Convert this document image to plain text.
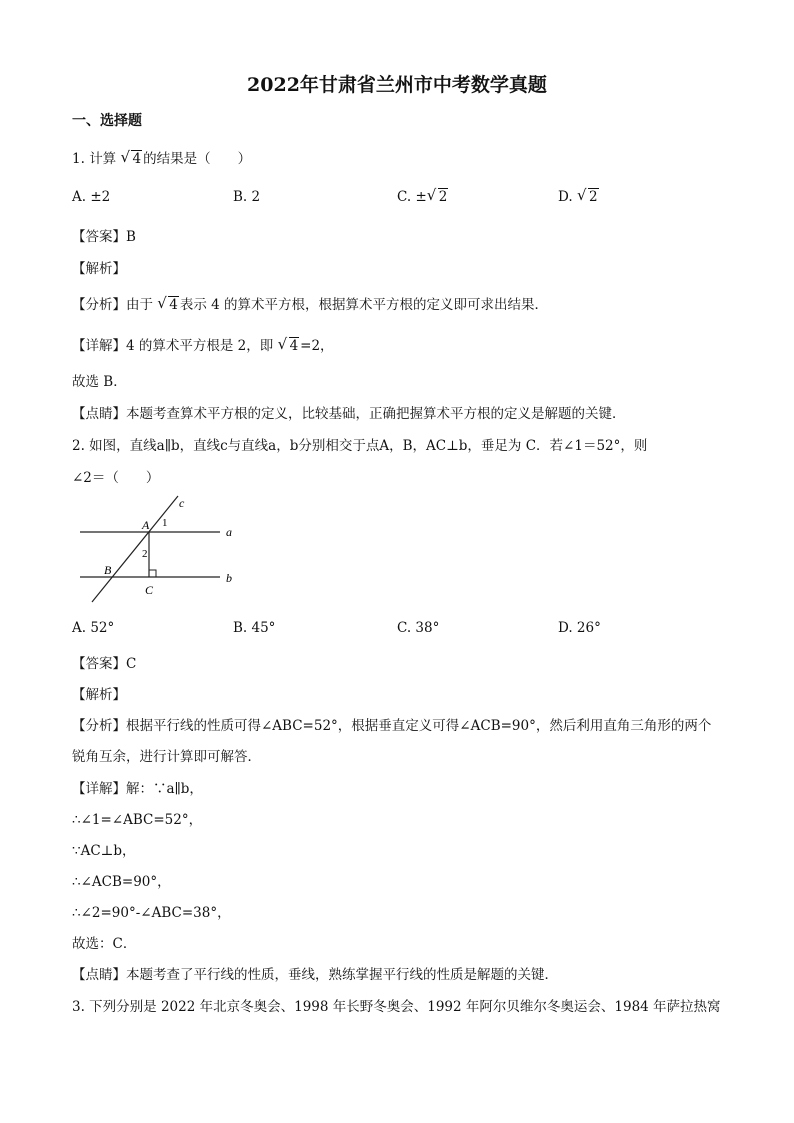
2022年甘肃省兰州市中考数学真题
一、选择题
1. 计算 √ 4 的结果是（　　）
A. ±2	B. 2	C. ± √ 2	D. √ 2
【答案】B
【解析】
【分析】由于 √ 4 表示 4 的算术平方根，根据算术平方根的定义即可求出结果．
【详解】4 的算术平方根是 2，即 √ 4 =2，
故选 B．
【点睛】本题考查算术平方根的定义，比较基础，正确把握算术平方根的定义是解题的关键．
2. 如图，直线a∥b，直线c与直线a，b分别相交于点A，B，AC⊥b，垂足为 C．若∠1＝52°，则
∠2＝（　　）
c
a
b
A 1
2
B
C
A. 52°	B. 45°	C. 38°	D. 26°
【答案】C
【解析】
【分析】根据平行线的性质可得∠ABC=52°，根据垂直定义可得∠ACB=90°，然后利用直角三角形的两个
锐角互余，进行计算即可解答．
【详解】解：∵a∥b，
∴∠1=∠ABC=52°，
∵AC⊥b，
∴∠ACB=90°，
∴∠2=90°-∠ABC=38°，
故选：C．
【点睛】本题考查了平行线的性质，垂线，熟练掌握平行线的性质是解题的关键．
3. 下列分别是 2022 年北京冬奥会、1998 年长野冬奥会、1992 年阿尔贝维尔冬奥运会、1984 年萨拉热窝
